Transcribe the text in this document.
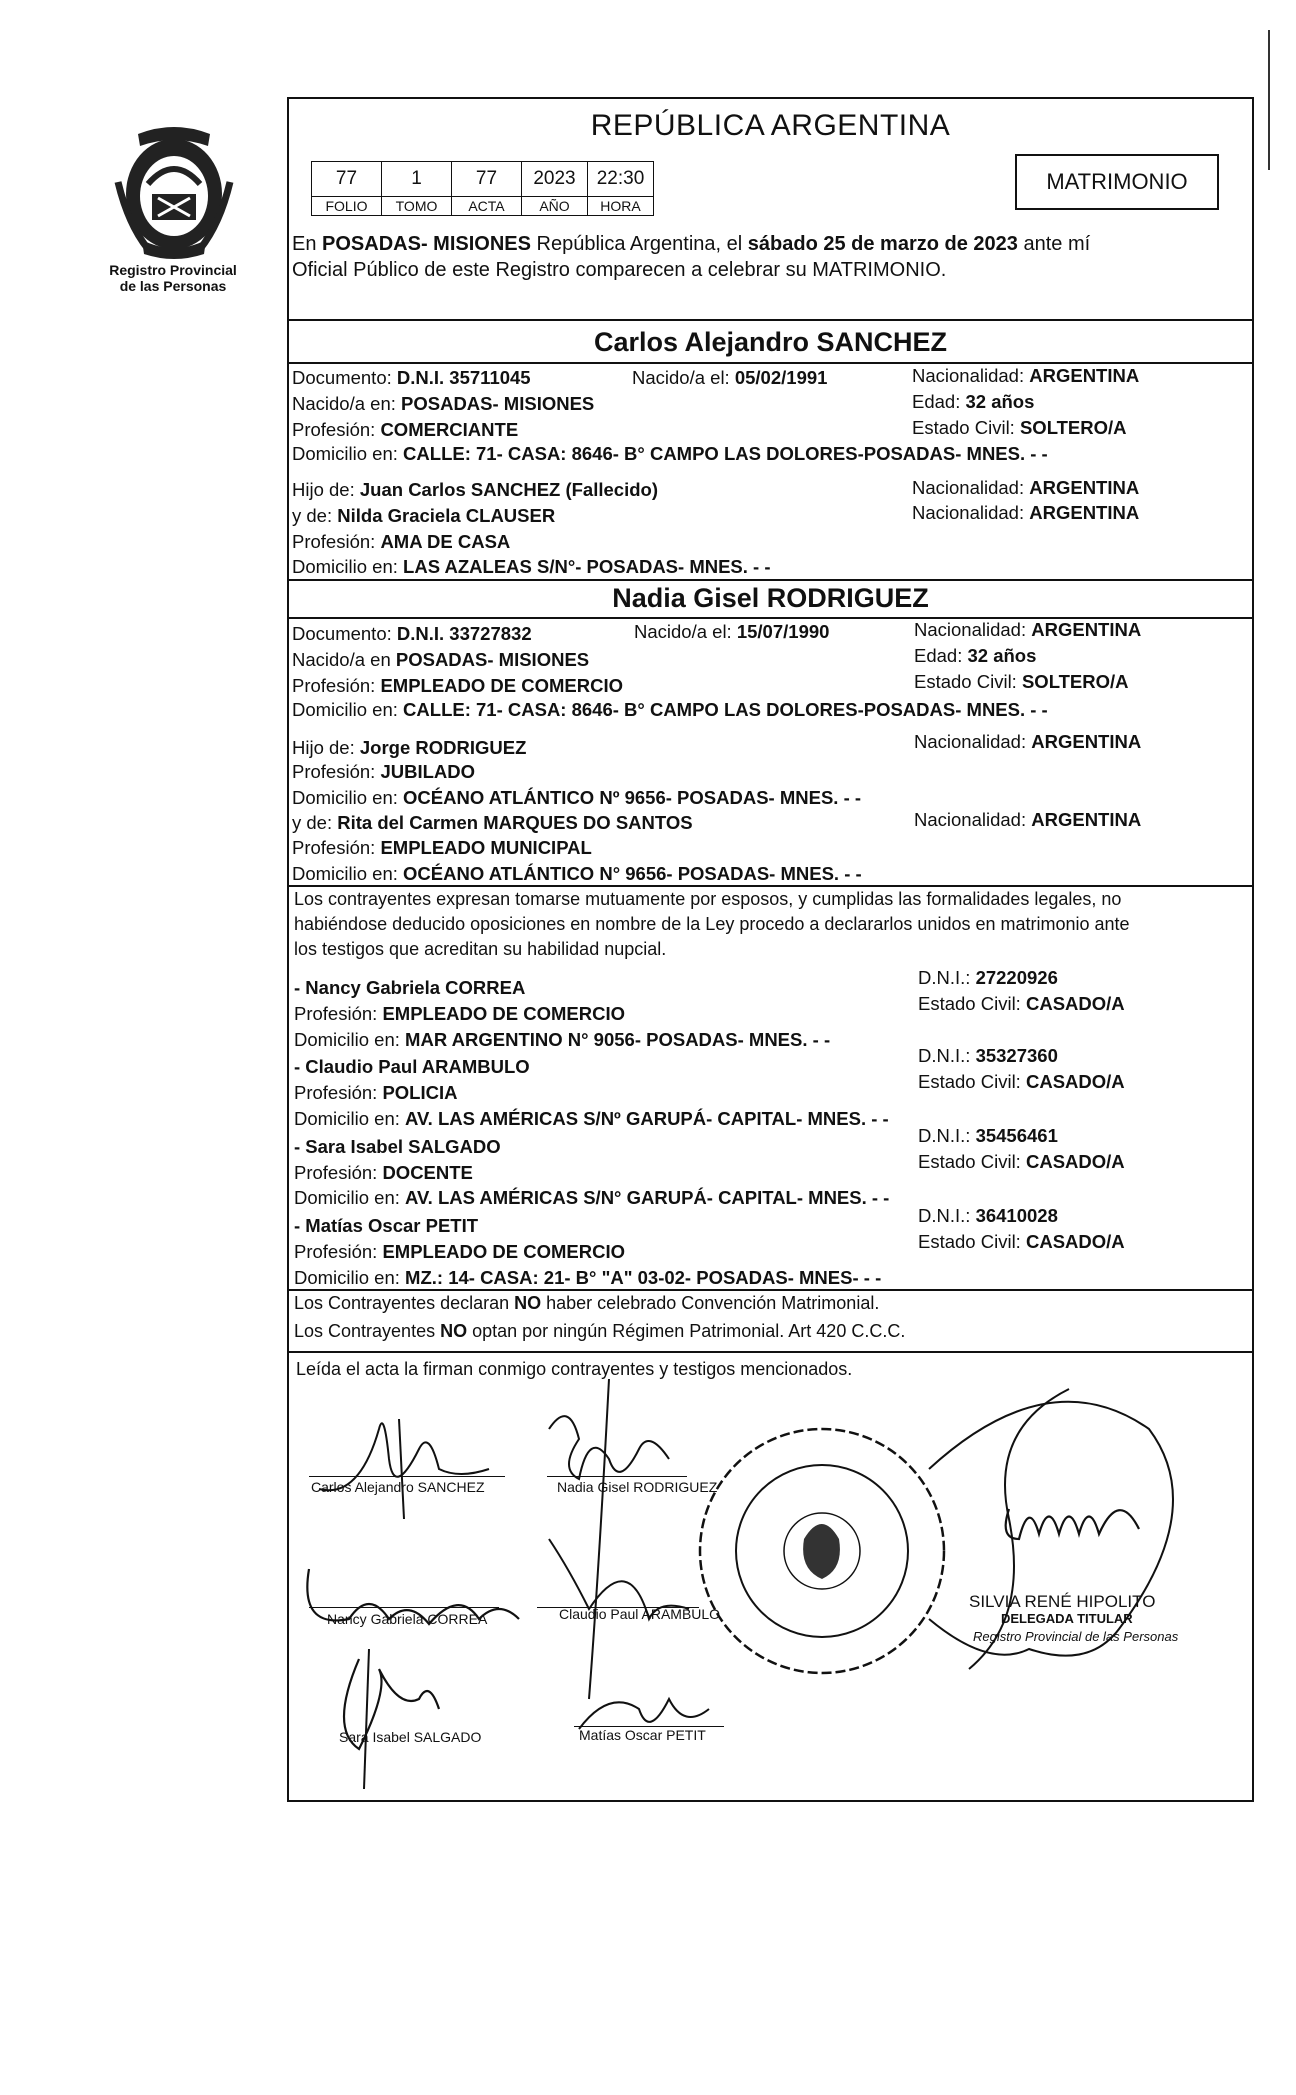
Registro Provincial
de las Personas
REPÚBLICA ARGENTINA
77	1	77	2023	22:30
FOLIO	TOMO	ACTA	AÑO	HORA
MATRIMONIO
En POSADAS- MISIONES República Argentina, el sábado 25 de marzo de 2023 ante mí
Oficial Público de este Registro comparecen a celebrar su MATRIMONIO.
Carlos Alejandro SANCHEZ
Documento: D.N.I. 35711045	Nacido/a el: 05/02/1991	Nacionalidad: ARGENTINA
Nacido/a en: POSADAS- MISIONES	Edad: 32 años
Profesión: COMERCIANTE	Estado Civil: SOLTERO/A
Domicilio en: CALLE: 71- CASA: 8646- B° CAMPO LAS DOLORES-POSADAS- MNES. - -
Hijo de: Juan Carlos SANCHEZ (Fallecido)	Nacionalidad: ARGENTINA
y de: Nilda Graciela CLAUSER	Nacionalidad: ARGENTINA
Profesión: AMA DE CASA
Domicilio en: LAS AZALEAS S/N°- POSADAS- MNES. - -
Nadia Gisel RODRIGUEZ
Documento: D.N.I. 33727832	Nacido/a el: 15/07/1990	Nacionalidad: ARGENTINA
Nacido/a en POSADAS- MISIONES	Edad: 32 años
Profesión: EMPLEADO DE COMERCIO	Estado Civil: SOLTERO/A
Domicilio en: CALLE: 71- CASA: 8646- B° CAMPO LAS DOLORES-POSADAS- MNES. - -
Hijo de: Jorge RODRIGUEZ	Nacionalidad: ARGENTINA
Profesión: JUBILADO
Domicilio en: OCÉANO ATLÁNTICO Nº 9656- POSADAS- MNES. - -
y de: Rita del Carmen MARQUES DO SANTOS	Nacionalidad: ARGENTINA
Profesión: EMPLEADO MUNICIPAL
Domicilio en: OCÉANO ATLÁNTICO N° 9656- POSADAS- MNES. - -
Los contrayentes expresan tomarse mutuamente por esposos, y cumplidas las formalidades legales, no
habiéndose deducido oposiciones en nombre de la Ley procedo a declararlos unidos en matrimonio ante
los testigos que acreditan su habilidad nupcial.
- Nancy Gabriela CORREA	D.N.I.: 27220926
Profesión: EMPLEADO DE COMERCIO	Estado Civil: CASADO/A
Domicilio en: MAR ARGENTINO N° 9056- POSADAS- MNES. - -
- Claudio Paul ARAMBULO
D.N.I.: 35327360
Profesión: POLICIA
Estado Civil: CASADO/A
Domicilio en: AV. LAS AMÉRICAS S/Nº GARUPÁ- CAPITAL- MNES. - -
- Sara Isabel SALGADO
D.N.I.: 35456461
Profesión: DOCENTE
Estado Civil: CASADO/A
Domicilio en: AV. LAS AMÉRICAS S/N° GARUPÁ- CAPITAL- MNES. - -
- Matías Oscar PETIT	D.N.I.: 36410028
Profesión: EMPLEADO DE COMERCIO	Estado Civil: CASADO/A
Domicilio en: MZ.: 14- CASA: 21- B° "A" 03-02- POSADAS- MNES- - -
Los Contrayentes declaran NO haber celebrado Convención Matrimonial.
Los Contrayentes NO optan por ningún Régimen Patrimonial. Art 420 C.C.C.
Leída el acta la firman conmigo contrayentes y testigos mencionados.
Carlos Alejandro SANCHEZ	Nadia Gisel RODRIGUEZ
Nancy Gabriela CORREA	Claudio Paul ARAMBULO
Sara Isabel SALGADO	Matías Oscar PETIT
SILVIA RENÉ HIPOLITO
DELEGADA TITULAR
Registro Provincial de las Personas
